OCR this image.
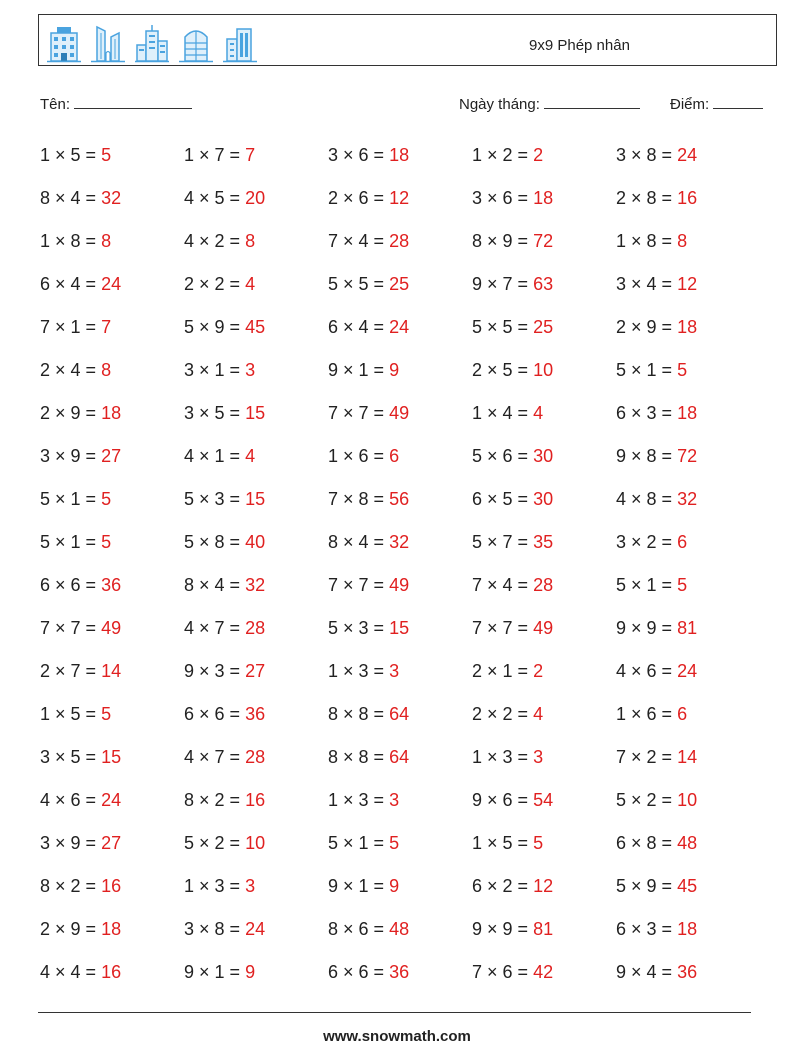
9x9 Phép nhân
Tên:	Ngày tháng:	Điểm:
1 × 5 = 5	1 × 7 = 7	3 × 6 = 18	1 × 2 = 2	3 × 8 = 24
8 × 4 = 32	4 × 5 = 20	2 × 6 = 12	3 × 6 = 18	2 × 8 = 16
1 × 8 = 8	4 × 2 = 8	7 × 4 = 28	8 × 9 = 72	1 × 8 = 8
6 × 4 = 24	2 × 2 = 4	5 × 5 = 25	9 × 7 = 63	3 × 4 = 12
7 × 1 = 7	5 × 9 = 45	6 × 4 = 24	5 × 5 = 25	2 × 9 = 18
2 × 4 = 8	3 × 1 = 3	9 × 1 = 9	2 × 5 = 10	5 × 1 = 5
2 × 9 = 18	3 × 5 = 15	7 × 7 = 49	1 × 4 = 4	6 × 3 = 18
3 × 9 = 27	4 × 1 = 4	1 × 6 = 6	5 × 6 = 30	9 × 8 = 72
5 × 1 = 5	5 × 3 = 15	7 × 8 = 56	6 × 5 = 30	4 × 8 = 32
5 × 1 = 5	5 × 8 = 40	8 × 4 = 32	5 × 7 = 35	3 × 2 = 6
6 × 6 = 36	8 × 4 = 32	7 × 7 = 49	7 × 4 = 28	5 × 1 = 5
7 × 7 = 49	4 × 7 = 28	5 × 3 = 15	7 × 7 = 49	9 × 9 = 81
2 × 7 = 14	9 × 3 = 27	1 × 3 = 3	2 × 1 = 2	4 × 6 = 24
1 × 5 = 5	6 × 6 = 36	8 × 8 = 64	2 × 2 = 4	1 × 6 = 6
3 × 5 = 15	4 × 7 = 28	8 × 8 = 64	1 × 3 = 3	7 × 2 = 14
4 × 6 = 24	8 × 2 = 16	1 × 3 = 3	9 × 6 = 54	5 × 2 = 10
3 × 9 = 27	5 × 2 = 10	5 × 1 = 5	1 × 5 = 5	6 × 8 = 48
8 × 2 = 16	1 × 3 = 3	9 × 1 = 9	6 × 2 = 12	5 × 9 = 45
2 × 9 = 18	3 × 8 = 24	8 × 6 = 48	9 × 9 = 81	6 × 3 = 18
4 × 4 = 16	9 × 1 = 9	6 × 6 = 36	7 × 6 = 42	9 × 4 = 36
www.snowmath.com
